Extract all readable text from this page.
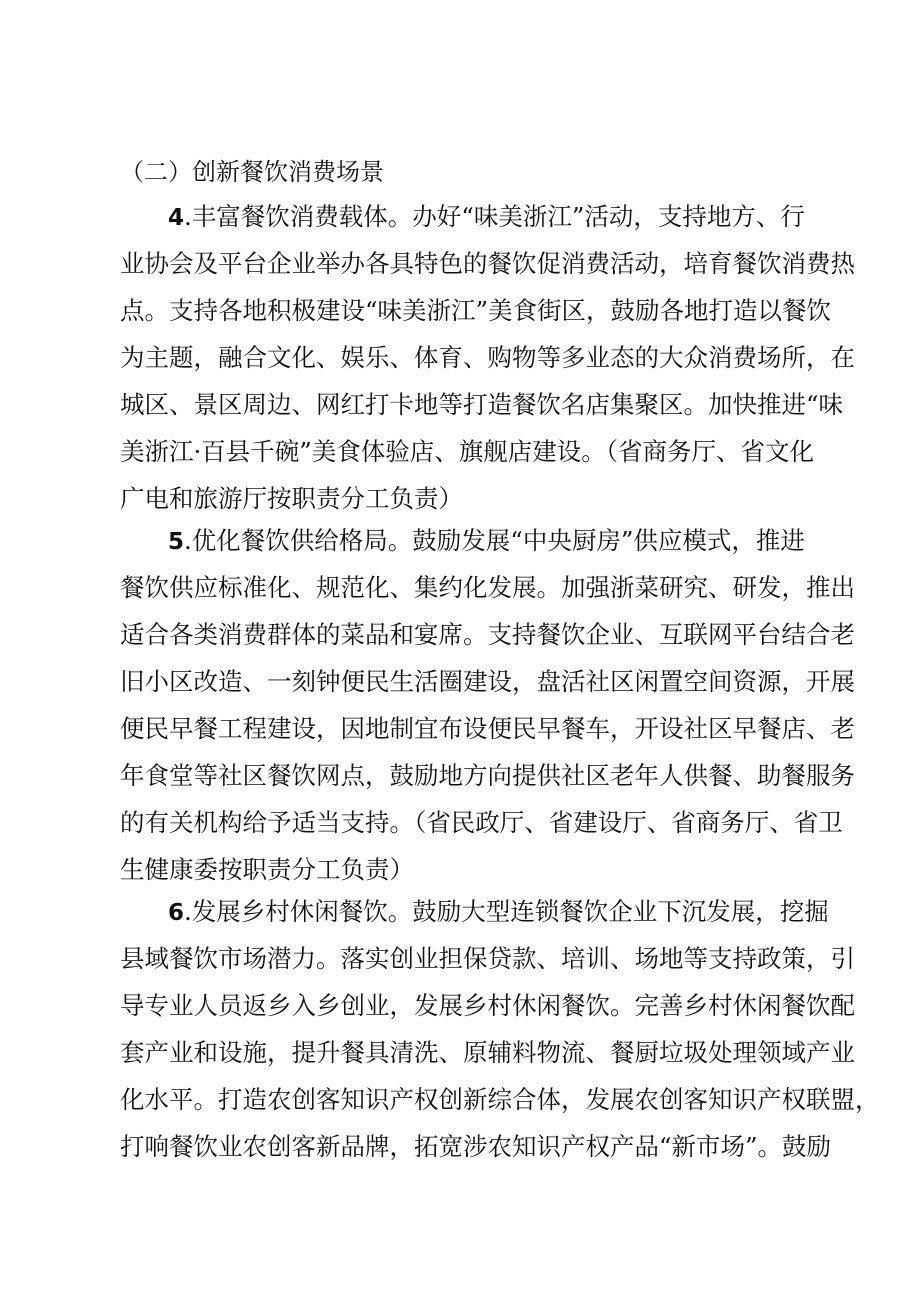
（二）创新餐饮消费场景
4.丰富餐饮消费载体。办好“味美浙江”活动，支持地方、行
业协会及平台企业举办各具特色的餐饮促消费活动，培育餐饮消费热
点。支持各地积极建设“味美浙江”美食街区，鼓励各地打造以餐饮
为主题，融合文化、娱乐、体育、购物等多业态的大众消费场所，在
城区、景区周边、网红打卡地等打造餐饮名店集聚区。加快推进“味
美浙江·百县千碗”美食体验店、旗舰店建设。（省商务厅、省文化
广电和旅游厅按职责分工负责）
5.优化餐饮供给格局。鼓励发展“中央厨房”供应模式，推进
餐饮供应标准化、规范化、集约化发展。加强浙菜研究、研发，推出
适合各类消费群体的菜品和宴席。支持餐饮企业、互联网平台结合老
旧小区改造、一刻钟便民生活圈建设，盘活社区闲置空间资源，开展
便民早餐工程建设，因地制宜布设便民早餐车，开设社区早餐店、老
年食堂等社区餐饮网点，鼓励地方向提供社区老年人供餐、助餐服务
的有关机构给予适当支持。（省民政厅、省建设厅、省商务厅、省卫
生健康委按职责分工负责）
6.发展乡村休闲餐饮。鼓励大型连锁餐饮企业下沉发展，挖掘
县域餐饮市场潜力。落实创业担保贷款、培训、场地等支持政策，引
导专业人员返乡入乡创业，发展乡村休闲餐饮。完善乡村休闲餐饮配
套产业和设施，提升餐具清洗、原辅料物流、餐厨垃圾处理领域产业
化水平。打造农创客知识产权创新综合体，发展农创客知识产权联盟，
打响餐饮业农创客新品牌，拓宽涉农知识产权产品“新市场”。鼓励
